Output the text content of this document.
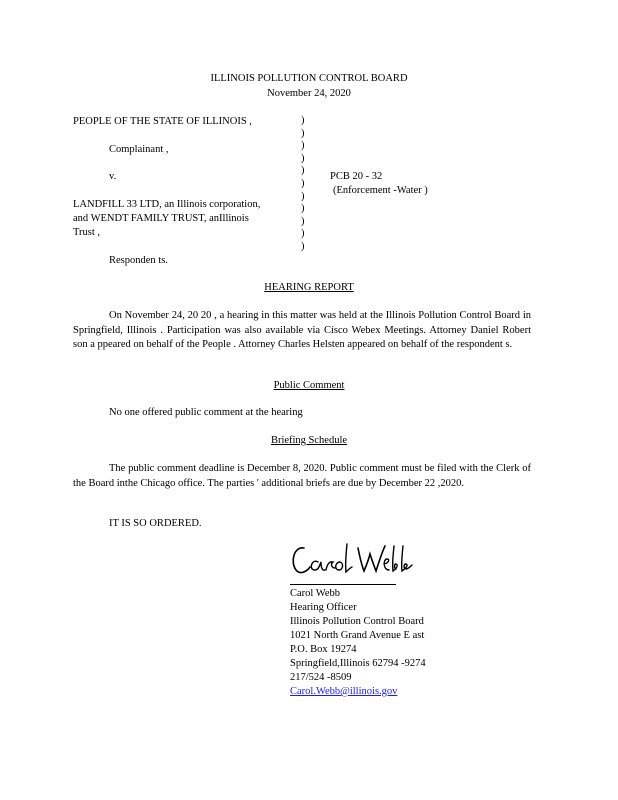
ILLINOIS POLLUTION CONTROL BOARD
November 24, 2020
PEOPLE OF THE STATE OF ILLINOIS ,
Complainant ,
v.
LANDFILL 33 LTD, an Illinois corporation,
and WENDT FAMILY TRUST, anIllinois
Trust ,
Responden ts.
)
)
)
)
)
)
)
)
)
)
)
PCB 20 - 32
(Enforcement -Water )
HEARING REPORT
On November 24, 20 20 , a hearing in this matter was held at the Illinois Pollution Control Board in Springfield, Illinois . Participation was also available via Cisco Webex Meetings. Attorney Daniel Robert son a ppeared on behalf of the People . Attorney Charles Helsten appeared on behalf of the respondent s.
Public Comment
No one offered public comment at the hearing
Briefing Schedule
The public comment deadline is December 8, 2020. Public comment must be filed with the Clerk of the Board inthe Chicago office. The parties ' additional briefs are due by December 22 ,2020.
IT IS SO ORDERED.
Carol Webb
Hearing Officer
Illinois Pollution Control Board
1021 North Grand Avenue E ast
P.O. Box 19274
Springfield,Illinois 62794 -9274
217/524 -8509
Carol.Webb@illinois.gov
